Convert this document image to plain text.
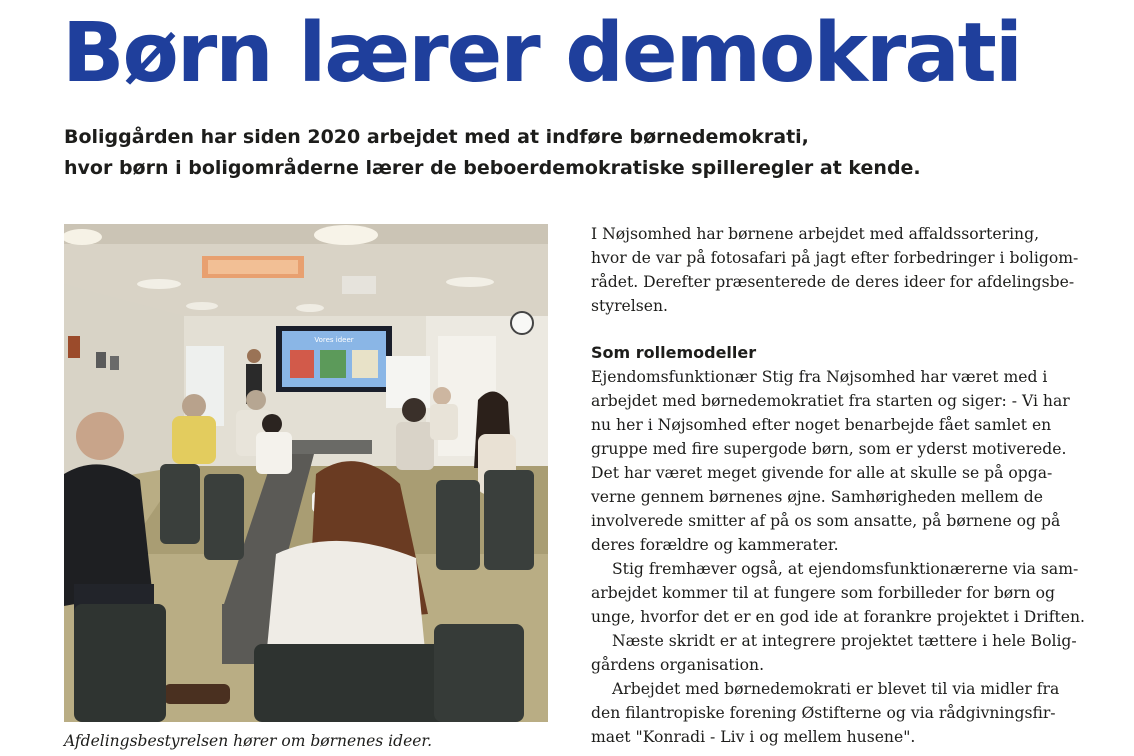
Børn lærer demokrati

Boliggården har siden 2020 arbejdet med at indføre børnedemokrati,
hvor børn i boligområderne lærer de beboerdemokratiske spilleregler at kende.

Vores ideer
Afdelingsbestyrelsen hører om børnenes ideer.
I Nøjsomhed har børnene arbejdet med affaldssortering,
hvor de var på fotosafari på jagt efter forbedringer i boligom-
rådet. Derefter præsenterede de deres ideer for afdelingsbe-
styrelsen.
Som rollemodeller
Ejendomsfunktionær Stig fra Nøjsomhed har været med i
arbejdet med børnedemokratiet fra starten og siger: - Vi har
nu her i Nøjsomhed efter noget benarbejde fået samlet en
gruppe med fire supergode børn, som er yderst motiverede.
Det har været meget givende for alle at skulle se på opga-
verne gennem børnenes øjne. Samhørigheden mellem de
involverede smitter af på os som ansatte, på børnene og på
deres forældre og kammerater.
Stig fremhæver også, at ejendomsfunktionærerne via sam-
arbejdet kommer til at fungere som forbilleder for børn og
unge, hvorfor det er en god ide at forankre projektet i Driften.
Næste skridt er at integrere projektet tættere i hele Bolig-
gårdens organisation.
Arbejdet med børnedemokrati er blevet til via midler fra
den filantropiske forening Østifterne og via rådgivningsfir-
maet "Konradi - Liv i og mellem husene".
